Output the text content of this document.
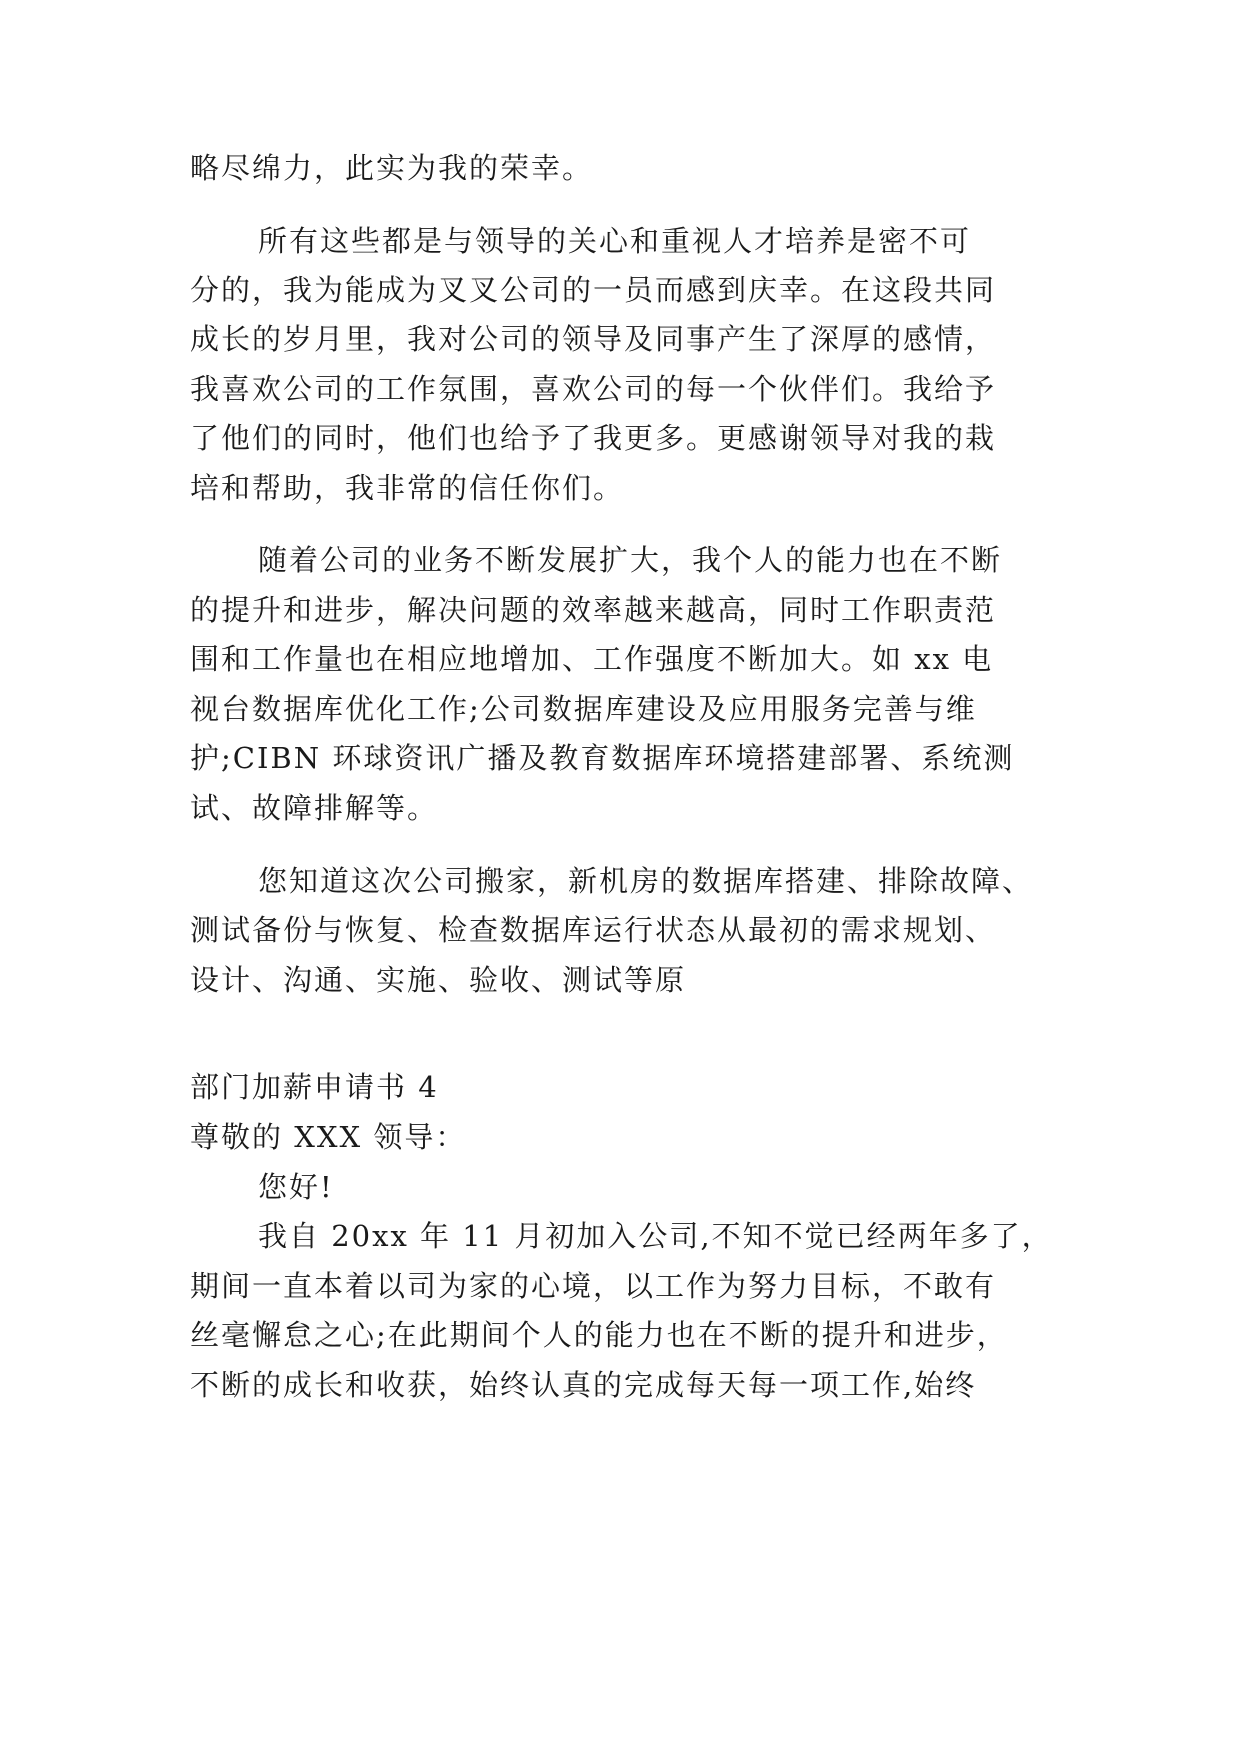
略尽绵力，此实为我的荣幸。
所有这些都是与领导的关心和重视人才培养是密不可
分的，我为能成为叉叉公司的一员而感到庆幸。在这段共同
成长的岁月里，我对公司的领导及同事产生了深厚的感情，
我喜欢公司的工作氛围，喜欢公司的每一个伙伴们。我给予
了他们的同时，他们也给予了我更多。更感谢领导对我的栽
培和帮助，我非常的信任你们。
随着公司的业务不断发展扩大，我个人的能力也在不断
的提升和进步，解决问题的效率越来越高，同时工作职责范
围和工作量也在相应地增加、工作强度不断加大。如 xx 电
视台数据库优化工作;公司数据库建设及应用服务完善与维
护;CIBN 环球资讯广播及教育数据库环境搭建部署、系统测
试、故障排解等。
您知道这次公司搬家，新机房的数据库搭建、排除故障、
测试备份与恢复、检查数据库运行状态从最初的需求规划、
设计、沟通、实施、验收、测试等原
部门加薪申请书 4
尊敬的 XXX 领导：
您好!
我自 20xx 年 11 月初加入公司,不知不觉已经两年多了，
期间一直本着以司为家的心境，以工作为努力目标，不敢有
丝毫懈怠之心;在此期间个人的能力也在不断的提升和进步，
不断的成长和收获，始终认真的完成每天每一项工作,始终
